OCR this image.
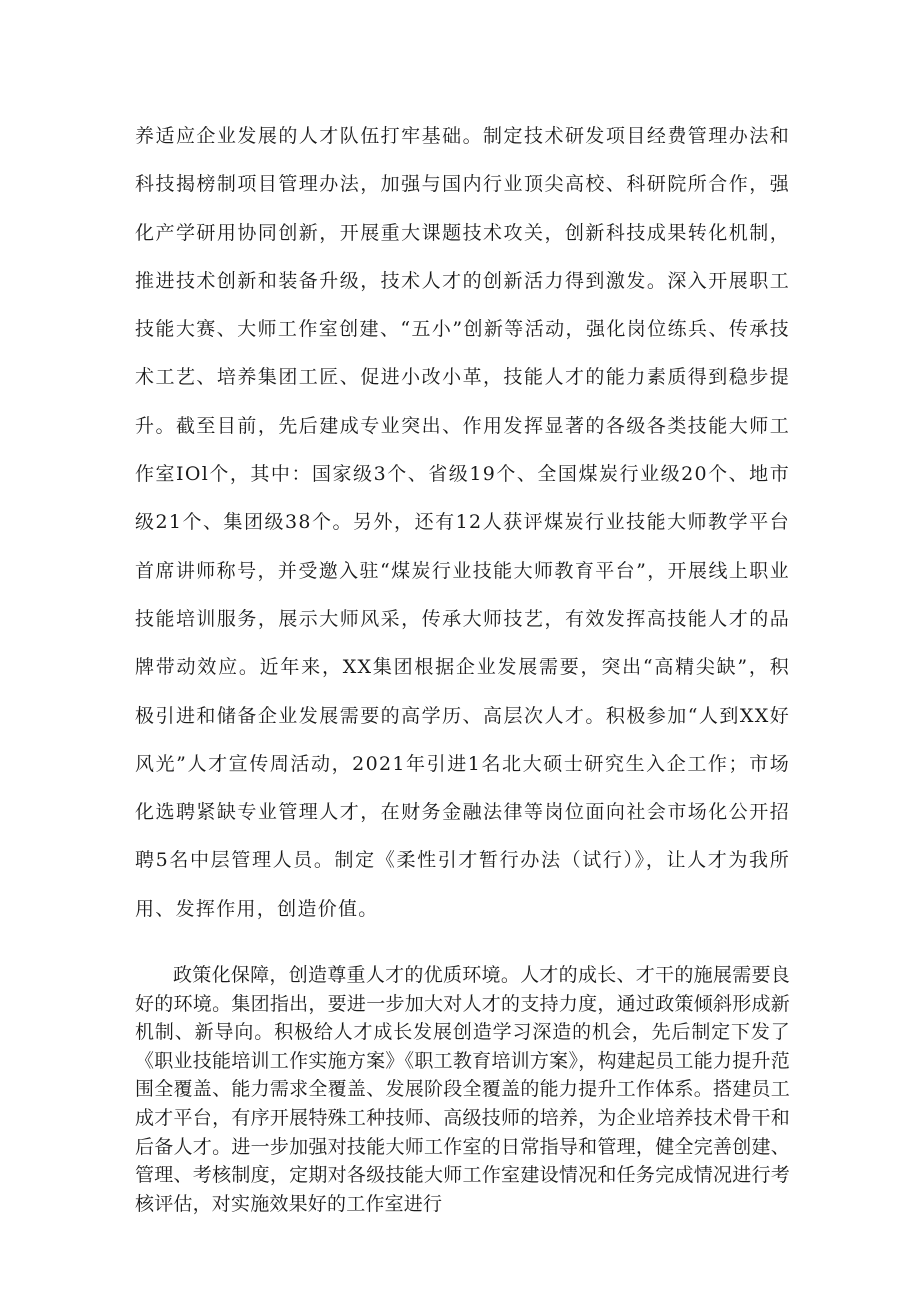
养适应企业发展的人才队伍打牢基础。制定技术研发项目经费管理办法和科技揭榜制项目管理办法，加强与国内行业顶尖高校、科研院所合作，强化产学研用协同创新，开展重大课题技术攻关，创新科技成果转化机制，推进技术创新和装备升级，技术人才的创新活力得到激发。深入开展职工技能大赛、大师工作室创建、“五小”创新等活动，强化岗位练兵、传承技术工艺、培养集团工匠、促进小改小革，技能人才的能力素质得到稳步提升。截至目前，先后建成专业突出、作用发挥显著的各级各类技能大师工作室IOl个，其中：国家级3个、省级19个、全国煤炭行业级20个、地市级21个、集团级38个。另外，还有12人获评煤炭行业技能大师教学平台首席讲师称号，并受邀入驻“煤炭行业技能大师教育平台”，开展线上职业技能培训服务，展示大师风采，传承大师技艺，有效发挥高技能人才的品牌带动效应。近年来，XX集团根据企业发展需要，突出“高精尖缺”，积极引进和储备企业发展需要的高学历、高层次人才。积极参加“人到XX好风光”人才宣传周活动，2021年引进1名北大硕士研究生入企工作；市场化选聘紧缺专业管理人才，在财务金融法律等岗位面向社会市场化公开招聘5名中层管理人员。制定《柔性引才暂行办法（试行）》，让人才为我所用、发挥作用，创造价值。

政策化保障，创造尊重人才的优质环境。人才的成长、才干的施展需要良好的环境。集团指出，要进一步加大对人才的支持力度，通过政策倾斜形成新机制、新导向。积极给人才成长发展创造学习深造的机会，先后制定下发了《职业技能培训工作实施方案》《职工教育培训方案》，构建起员工能力提升范围全覆盖、能力需求全覆盖、发展阶段全覆盖的能力提升工作体系。搭建员工成才平台，有序开展特殊工种技师、高级技师的培养，为企业培养技术骨干和后备人才。进一步加强对技能大师工作室的日常指导和管理，健全完善创建、管理、考核制度，定期对各级技能大师工作室建设情况和任务完成情况进行考核评估，对实施效果好的工作室进行
